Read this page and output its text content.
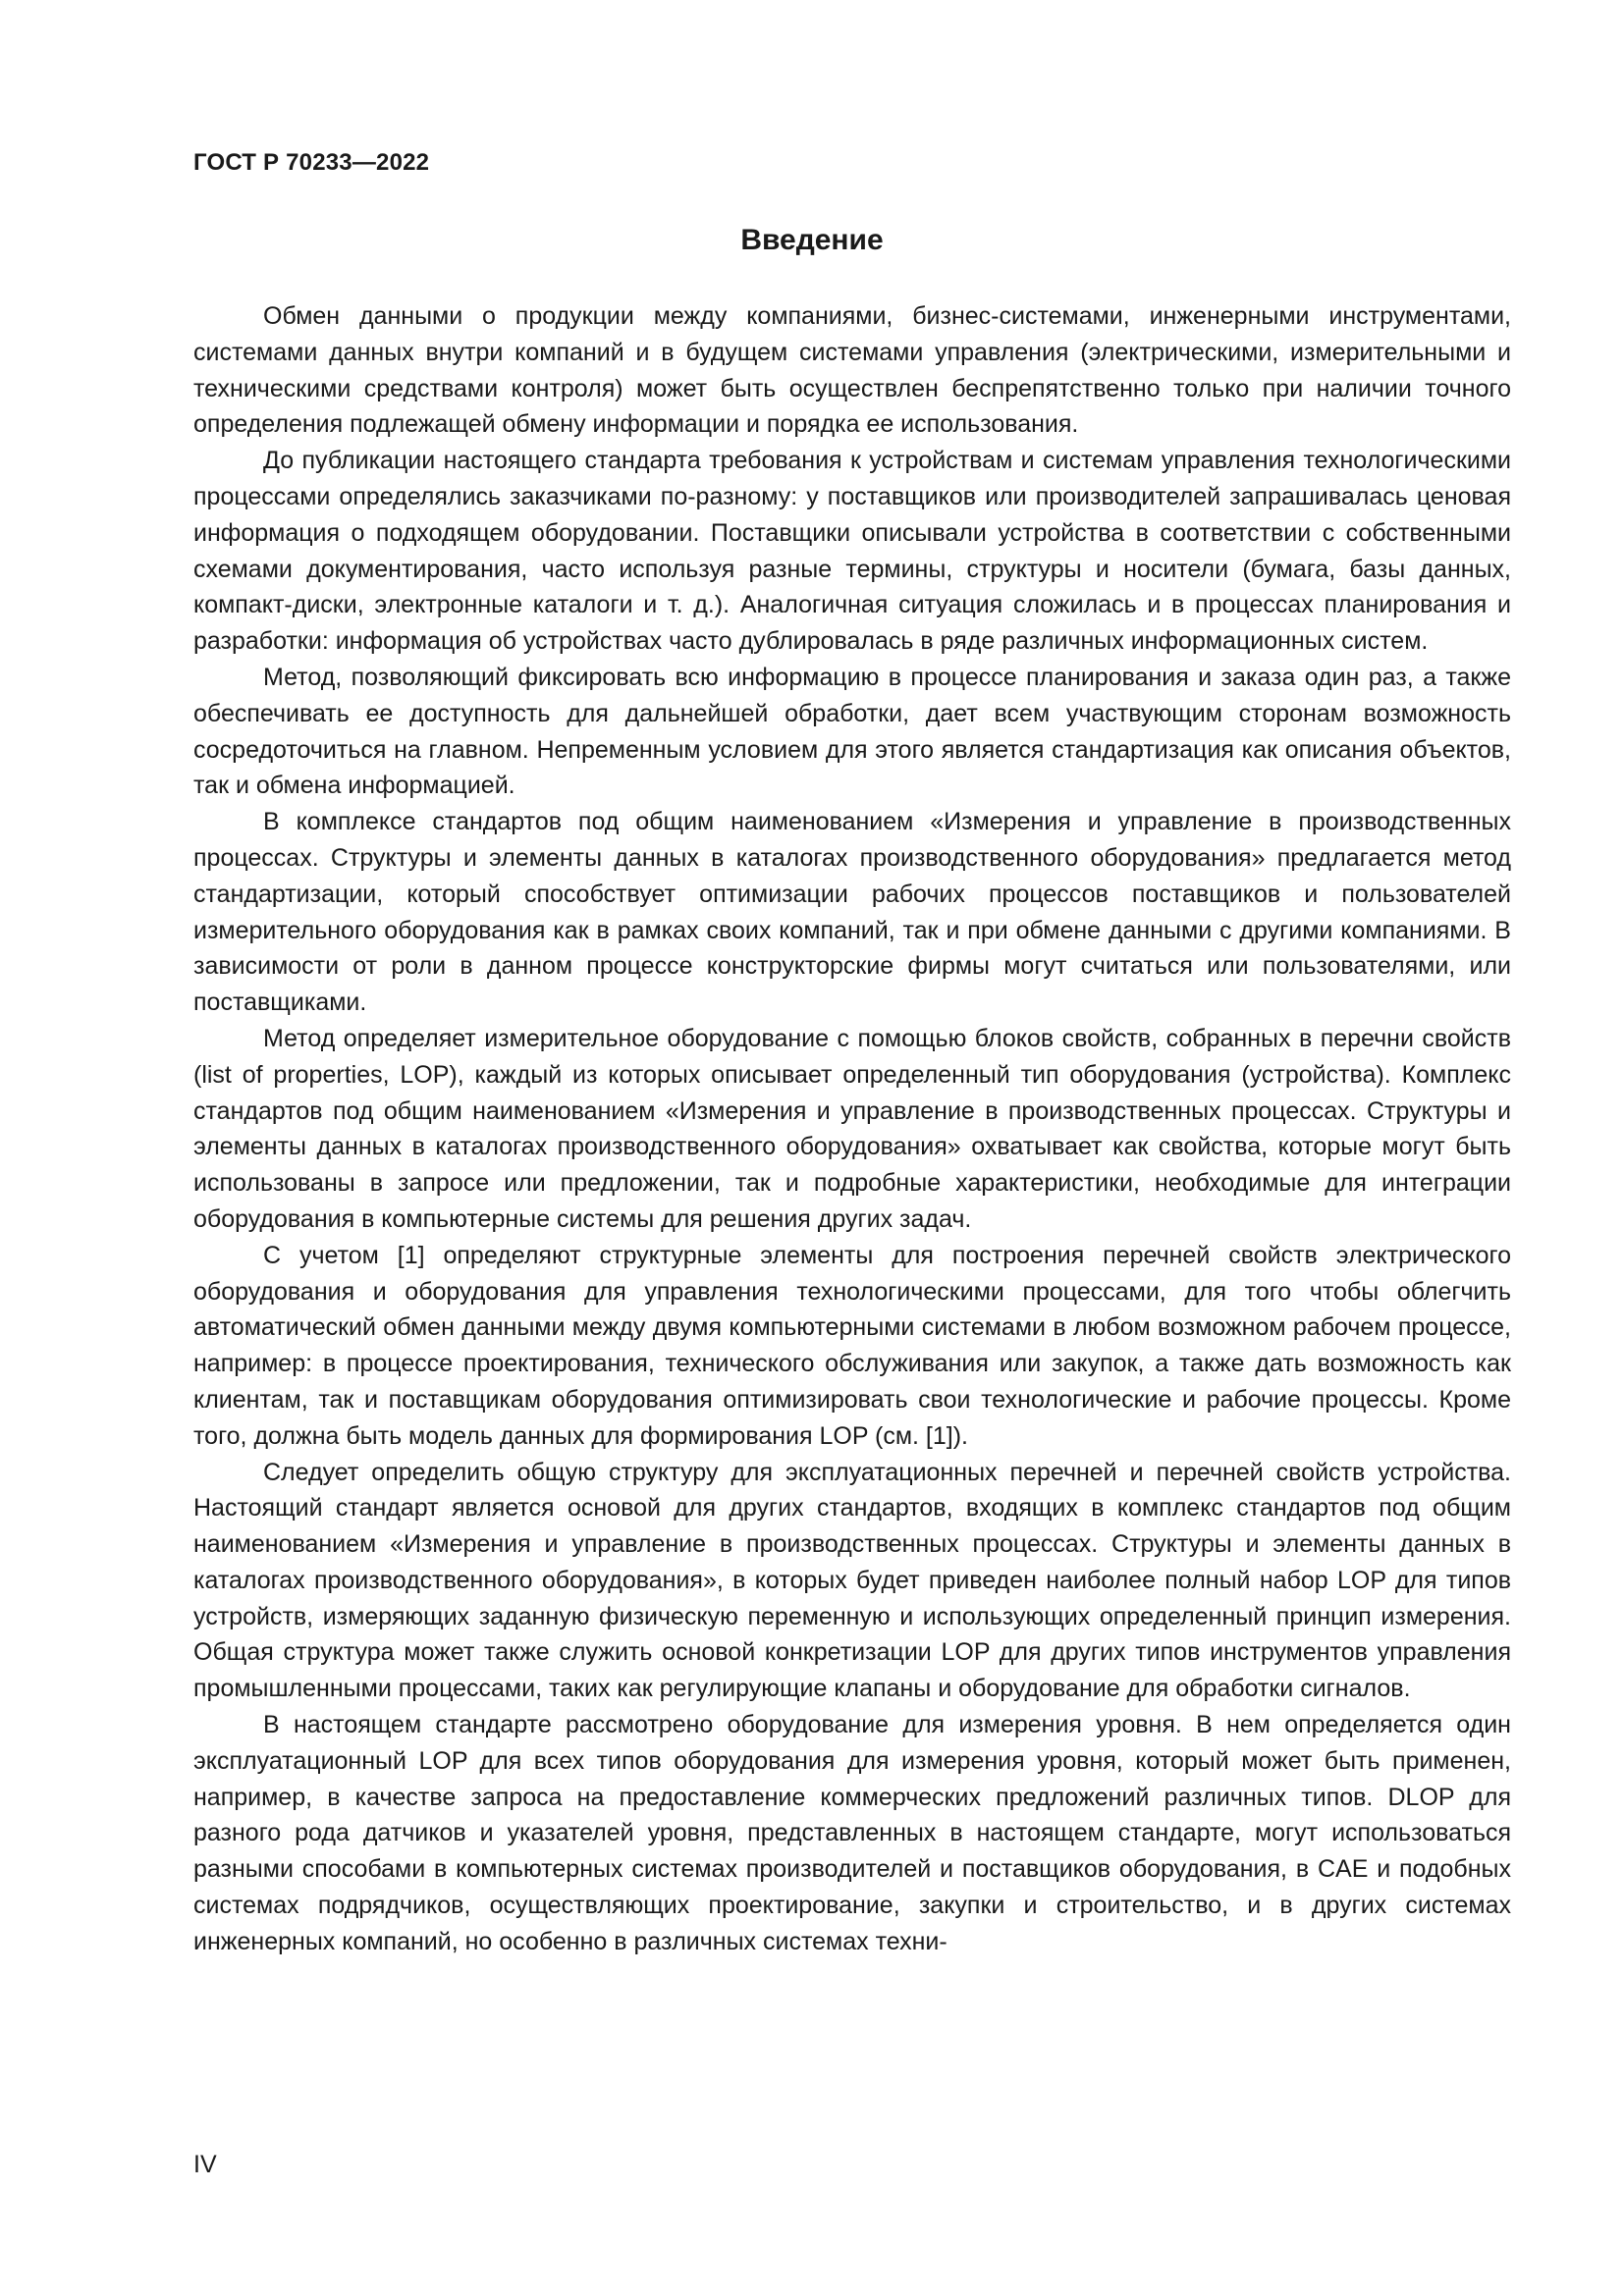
ГОСТ Р 70233—2022
Введение

Обмен данными о продукции между компаниями, бизнес-системами, инженерными инструментами, системами данных внутри компаний и в будущем системами управления (электрическими, измерительными и техническими средствами контроля) может быть осуществлен беспрепятственно только при наличии точного определения подлежащей обмену информации и порядка ее использования.

До публикации настоящего стандарта требования к устройствам и системам управления технологическими процессами определялись заказчиками по-разному: у поставщиков или производителей запрашивалась ценовая информация о подходящем оборудовании. Поставщики описывали устройства в соответствии с собственными схемами документирования, часто используя разные термины, структуры и носители (бумага, базы данных, компакт-диски, электронные каталоги и т. д.). Аналогичная ситуация сложилась и в процессах планирования и разработки: информация об устройствах часто дублировалась в ряде различных информационных систем.

Метод, позволяющий фиксировать всю информацию в процессе планирования и заказа один раз, а также обеспечивать ее доступность для дальнейшей обработки, дает всем участвующим сторонам возможность сосредоточиться на главном. Непременным условием для этого является стандартизация как описания объектов, так и обмена информацией.

В комплексе стандартов под общим наименованием «Измерения и управление в производственных процессах. Структуры и элементы данных в каталогах производственного оборудования» предлагается метод стандартизации, который способствует оптимизации рабочих процессов поставщиков и пользователей измерительного оборудования как в рамках своих компаний, так и при обмене данными с другими компаниями. В зависимости от роли в данном процессе конструкторские фирмы могут считаться или пользователями, или поставщиками.

Метод определяет измерительное оборудование с помощью блоков свойств, собранных в перечни свойств (list of properties, LOP), каждый из которых описывает определенный тип оборудования (устройства). Комплекс стандартов под общим наименованием «Измерения и управление в производственных процессах. Структуры и элементы данных в каталогах производственного оборудования» охватывает как свойства, которые могут быть использованы в запросе или предложении, так и подробные характеристики, необходимые для интеграции оборудования в компьютерные системы для решения других задач.

С учетом [1] определяют структурные элементы для построения перечней свойств электрического оборудования и оборудования для управления технологическими процессами, для того чтобы облегчить автоматический обмен данными между двумя компьютерными системами в любом возможном рабочем процессе, например: в процессе проектирования, технического обслуживания или закупок, а также дать возможность как клиентам, так и поставщикам оборудования оптимизировать свои технологические и рабочие процессы. Кроме того, должна быть модель данных для формирования LOP (см. [1]).

Следует определить общую структуру для эксплуатационных перечней и перечней свойств устройства. Настоящий стандарт является основой для других стандартов, входящих в комплекс стандартов под общим наименованием «Измерения и управление в производственных процессах. Структуры и элементы данных в каталогах производственного оборудования», в которых будет приведен наиболее полный набор LOP для типов устройств, измеряющих заданную физическую переменную и использующих определенный принцип измерения. Общая структура может также служить основой конкретизации LOP для других типов инструментов управления промышленными процессами, таких как регулирующие клапаны и оборудование для обработки сигналов.

В настоящем стандарте рассмотрено оборудование для измерения уровня. В нем определяется один эксплуатационный LOP для всех типов оборудования для измерения уровня, который может быть применен, например, в качестве запроса на предоставление коммерческих предложений различных типов. DLOP для разного рода датчиков и указателей уровня, представленных в настоящем стандарте, могут использоваться разными способами в компьютерных системах производителей и поставщиков оборудования, в CAE и подобных системах подрядчиков, осуществляющих проектирование, закупки и строительство, и в других системах инженерных компаний, но особенно в различных системах техни-

IV
